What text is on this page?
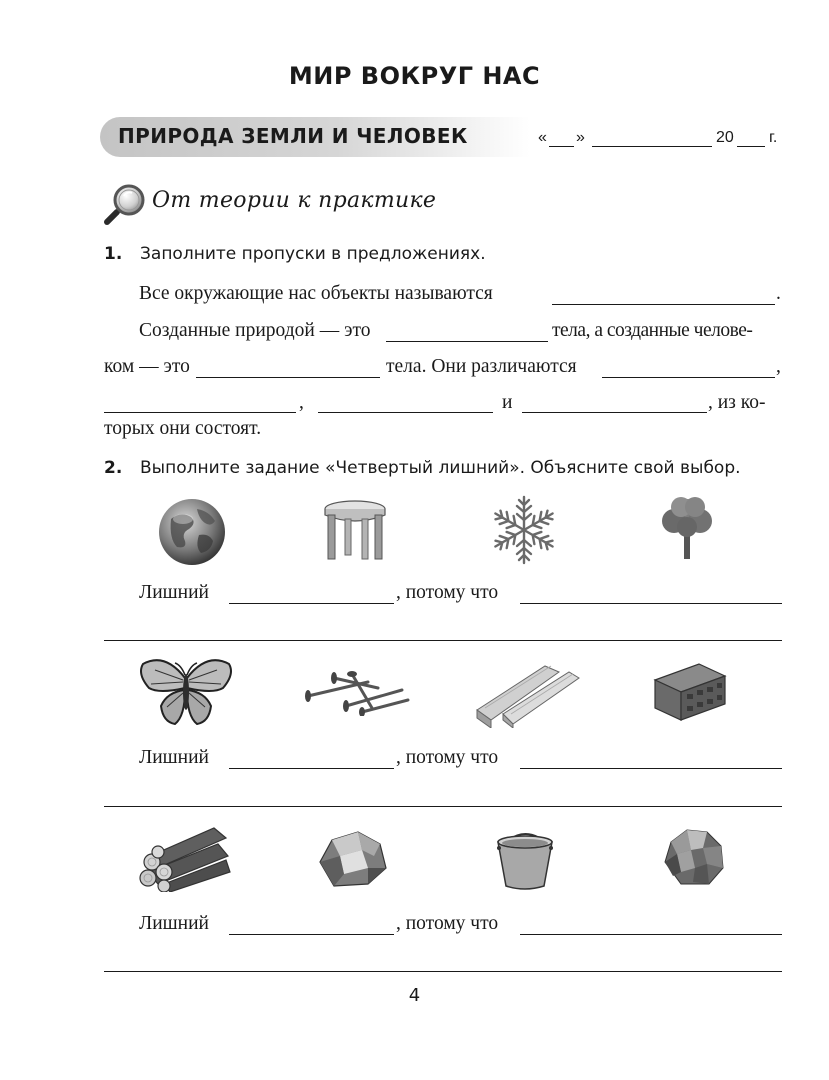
МИР ВОКРУГ НАС
ПРИРОДА ЗЕМЛИ И ЧЕЛОВЕК	« »	20 г.
От теории к практике
1. Заполните пропуски в предложениях.
Все окружающие нас объекты называются	.
Созданные природой — это	тела, а созданные челове-
ком — это	тела. Они различаются	,
,	и	, из ко-
торых они состоят.
2. Выполните задание «Четвертый лишний». Объясните свой выбор.
Лишний	, потому что
Лишний	, потому что
Лишний	, потому что
4
